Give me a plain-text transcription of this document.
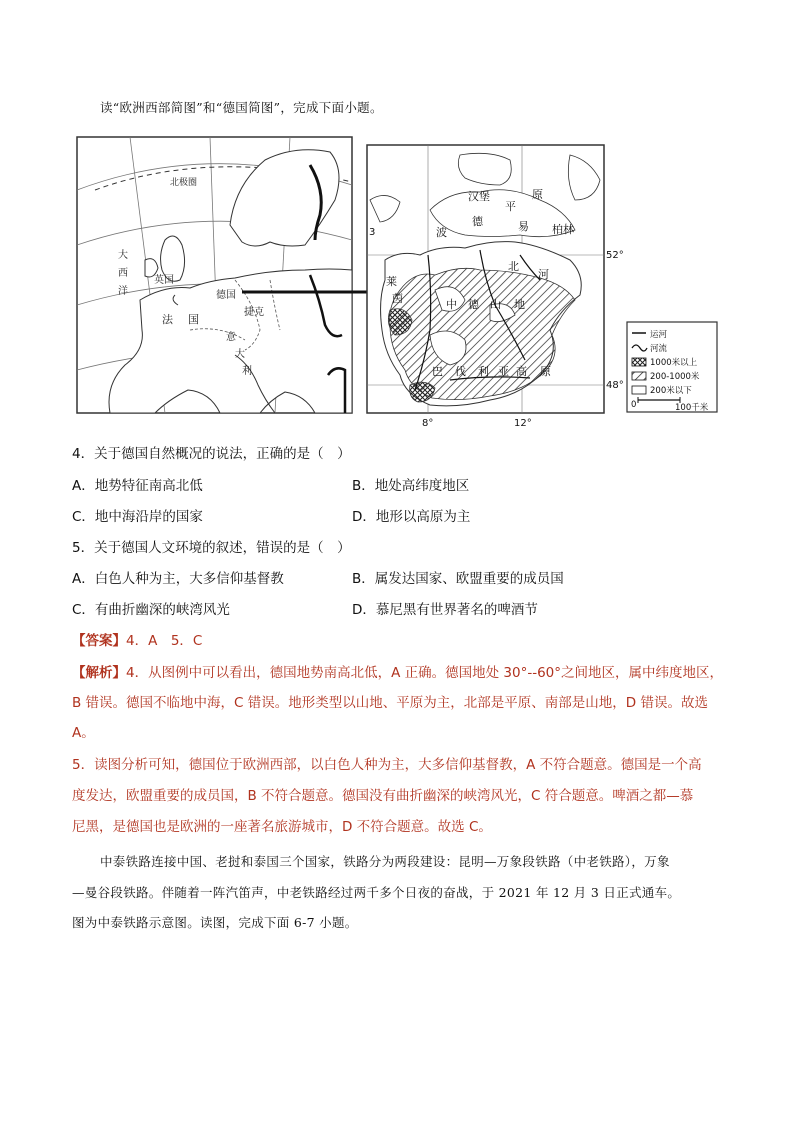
读“欧洲西部简图”和“德国简图”，完成下面小题。
北极圈
大
西
洋
英国
德国
法 国
捷克
意
大
利
汉堡
平
原
德	易
波	柏林
北
河
莱
茵	中 德 山 地
巴 伐 利 亚 高 原
3
52°
48°
8°	12°
运河
河流
1000米以上
200-1000米
200米以下
0	100千米
4．关于德国自然概况的说法，正确的是（　）
A．地势特征南高北低	B．地处高纬度地区
C．地中海沿岸的国家	D．地形以高原为主
5．关于德国人文环境的叙述，错误的是（　）
A．白色人种为主，大多信仰基督教	B．属发达国家、欧盟重要的成员国
C．有曲折幽深的峡湾风光	D．慕尼黑有世界著名的啤酒节
【答案】4．A　5．C
【解析】4．从图例中可以看出，德国地势南高北低，A 正确。德国地处 30°--60°之间地区，属中纬度地区，
B 错误。德国不临地中海，C 错误。地形类型以山地、平原为主，北部是平原、南部是山地，D 错误。故选
A。
5．读图分析可知，德国位于欧洲西部，以白色人种为主，大多信仰基督教，A 不符合题意。德国是一个高
度发达，欧盟重要的成员国，B 不符合题意。德国没有曲折幽深的峡湾风光，C 符合题意。啤酒之都—慕
尼黑，是德国也是欧洲的一座著名旅游城市，D 不符合题意。故选 C。
中泰铁路连接中国、老挝和泰国三个国家，铁路分为两段建设：昆明—万象段铁路（中老铁路），万象
—曼谷段铁路。伴随着一阵汽笛声，中老铁路经过两千多个日夜的奋战，于 2021 年 12 月 3 日正式通车。
图为中泰铁路示意图。读图，完成下面 6-7 小题。
